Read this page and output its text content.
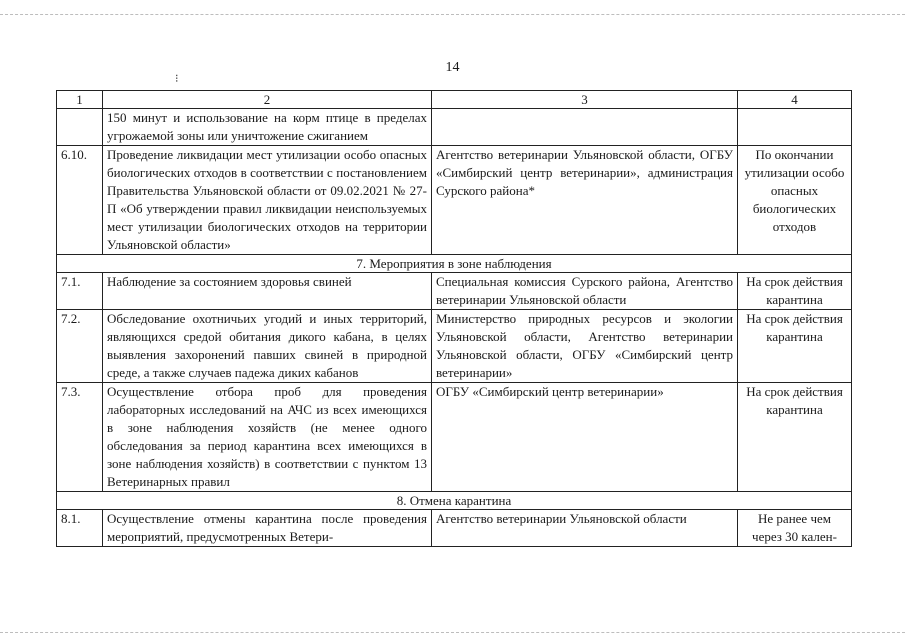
14
⁝
1	2	3	4
	150 минут и использование на корм птице в пределах угрожаемой зоны или уничтожение сжиганием		
6.10.	Проведение ликвидации мест утилизации особо опасных биологических отходов в соответствии с постановлением Правительства Ульяновской области от 09.02.2021 № 27-П «Об утверждении правил ликвидации неиспользуемых мест утилизации биологических отходов на территории Ульяновской области»	Агентство ветеринарии Ульяновской области, ОГБУ «Симбирский центр ветеринарии», администрация Сурского района*	По окончании утилизации особо опасных биологических отходов
7. Мероприятия в зоне наблюдения			
7.1.	Наблюдение за состоянием здоровья свиней	Специальная комиссия Сурского района, Агентство ветеринарии Ульяновской области	На срок действия карантина
7.2.	Обследование охотничьих угодий и иных территорий, являющихся средой обитания дикого кабана, в целях выявления захоронений павших свиней в природной среде, а также случаев падежа диких кабанов	Министерство природных ресурсов и экологии Ульяновской области, Агентство ветеринарии Ульяновской области, ОГБУ «Симбирский центр ветеринарии»	На срок действия карантина
7.3.	Осуществление отбора проб для проведения лабораторных исследований на АЧС из всех имеющихся в зоне наблюдения хозяйств (не менее одного обследования за период карантина всех имеющихся в зоне наблюдения хозяйств) в соответствии с пунктом 13 Ветеринарных правил	ОГБУ «Симбирский центр ветеринарии»	На срок действия карантина
8. Отмена карантина			
8.1.	Осуществление отмены карантина после проведения мероприятий, предусмотренных Ветери-	Агентство ветеринарии Ульяновской области	Не ранее чем через 30 кален-
